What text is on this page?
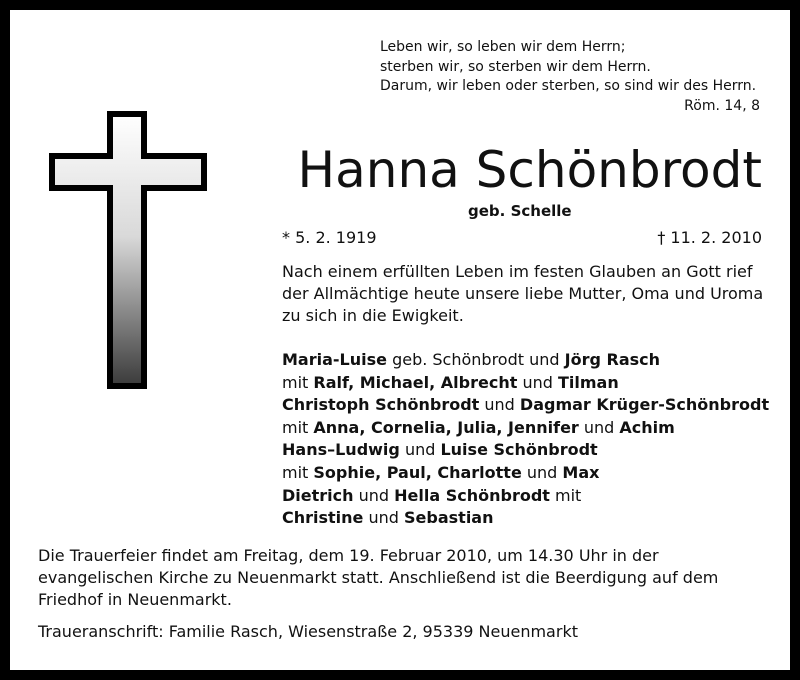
Leben wir, so leben wir dem Herrn;
sterben wir, so sterben wir dem Herrn.
Darum, wir leben oder sterben, so sind wir des Herrn.
Röm. 14, 8
Hanna Schönbrodt
geb. Schelle
* 5. 2. 1919	† 11. 2. 2010
Nach einem erfüllten Leben im festen Glauben an Gott rief
der Allmächtige heute unsere liebe Mutter, Oma und Uroma
zu sich in die Ewigkeit.
Maria-Luise geb. Schönbrodt und Jörg Rasch
mit Ralf, Michael, Albrecht und Tilman
Christoph Schönbrodt und Dagmar Krüger-Schönbrodt
mit Anna, Cornelia, Julia, Jennifer und Achim
Hans–Ludwig und Luise Schönbrodt
mit Sophie, Paul, Charlotte und Max
Dietrich und Hella Schönbrodt mit
Christine und Sebastian
Die Trauerfeier findet am Freitag, dem 19. Februar 2010, um 14.30 Uhr in der
evangelischen Kirche zu Neuenmarkt statt. Anschließend ist die Beerdigung auf dem
Friedhof in Neuenmarkt.
Traueranschrift: Familie Rasch, Wiesenstraße 2, 95339 Neuenmarkt
